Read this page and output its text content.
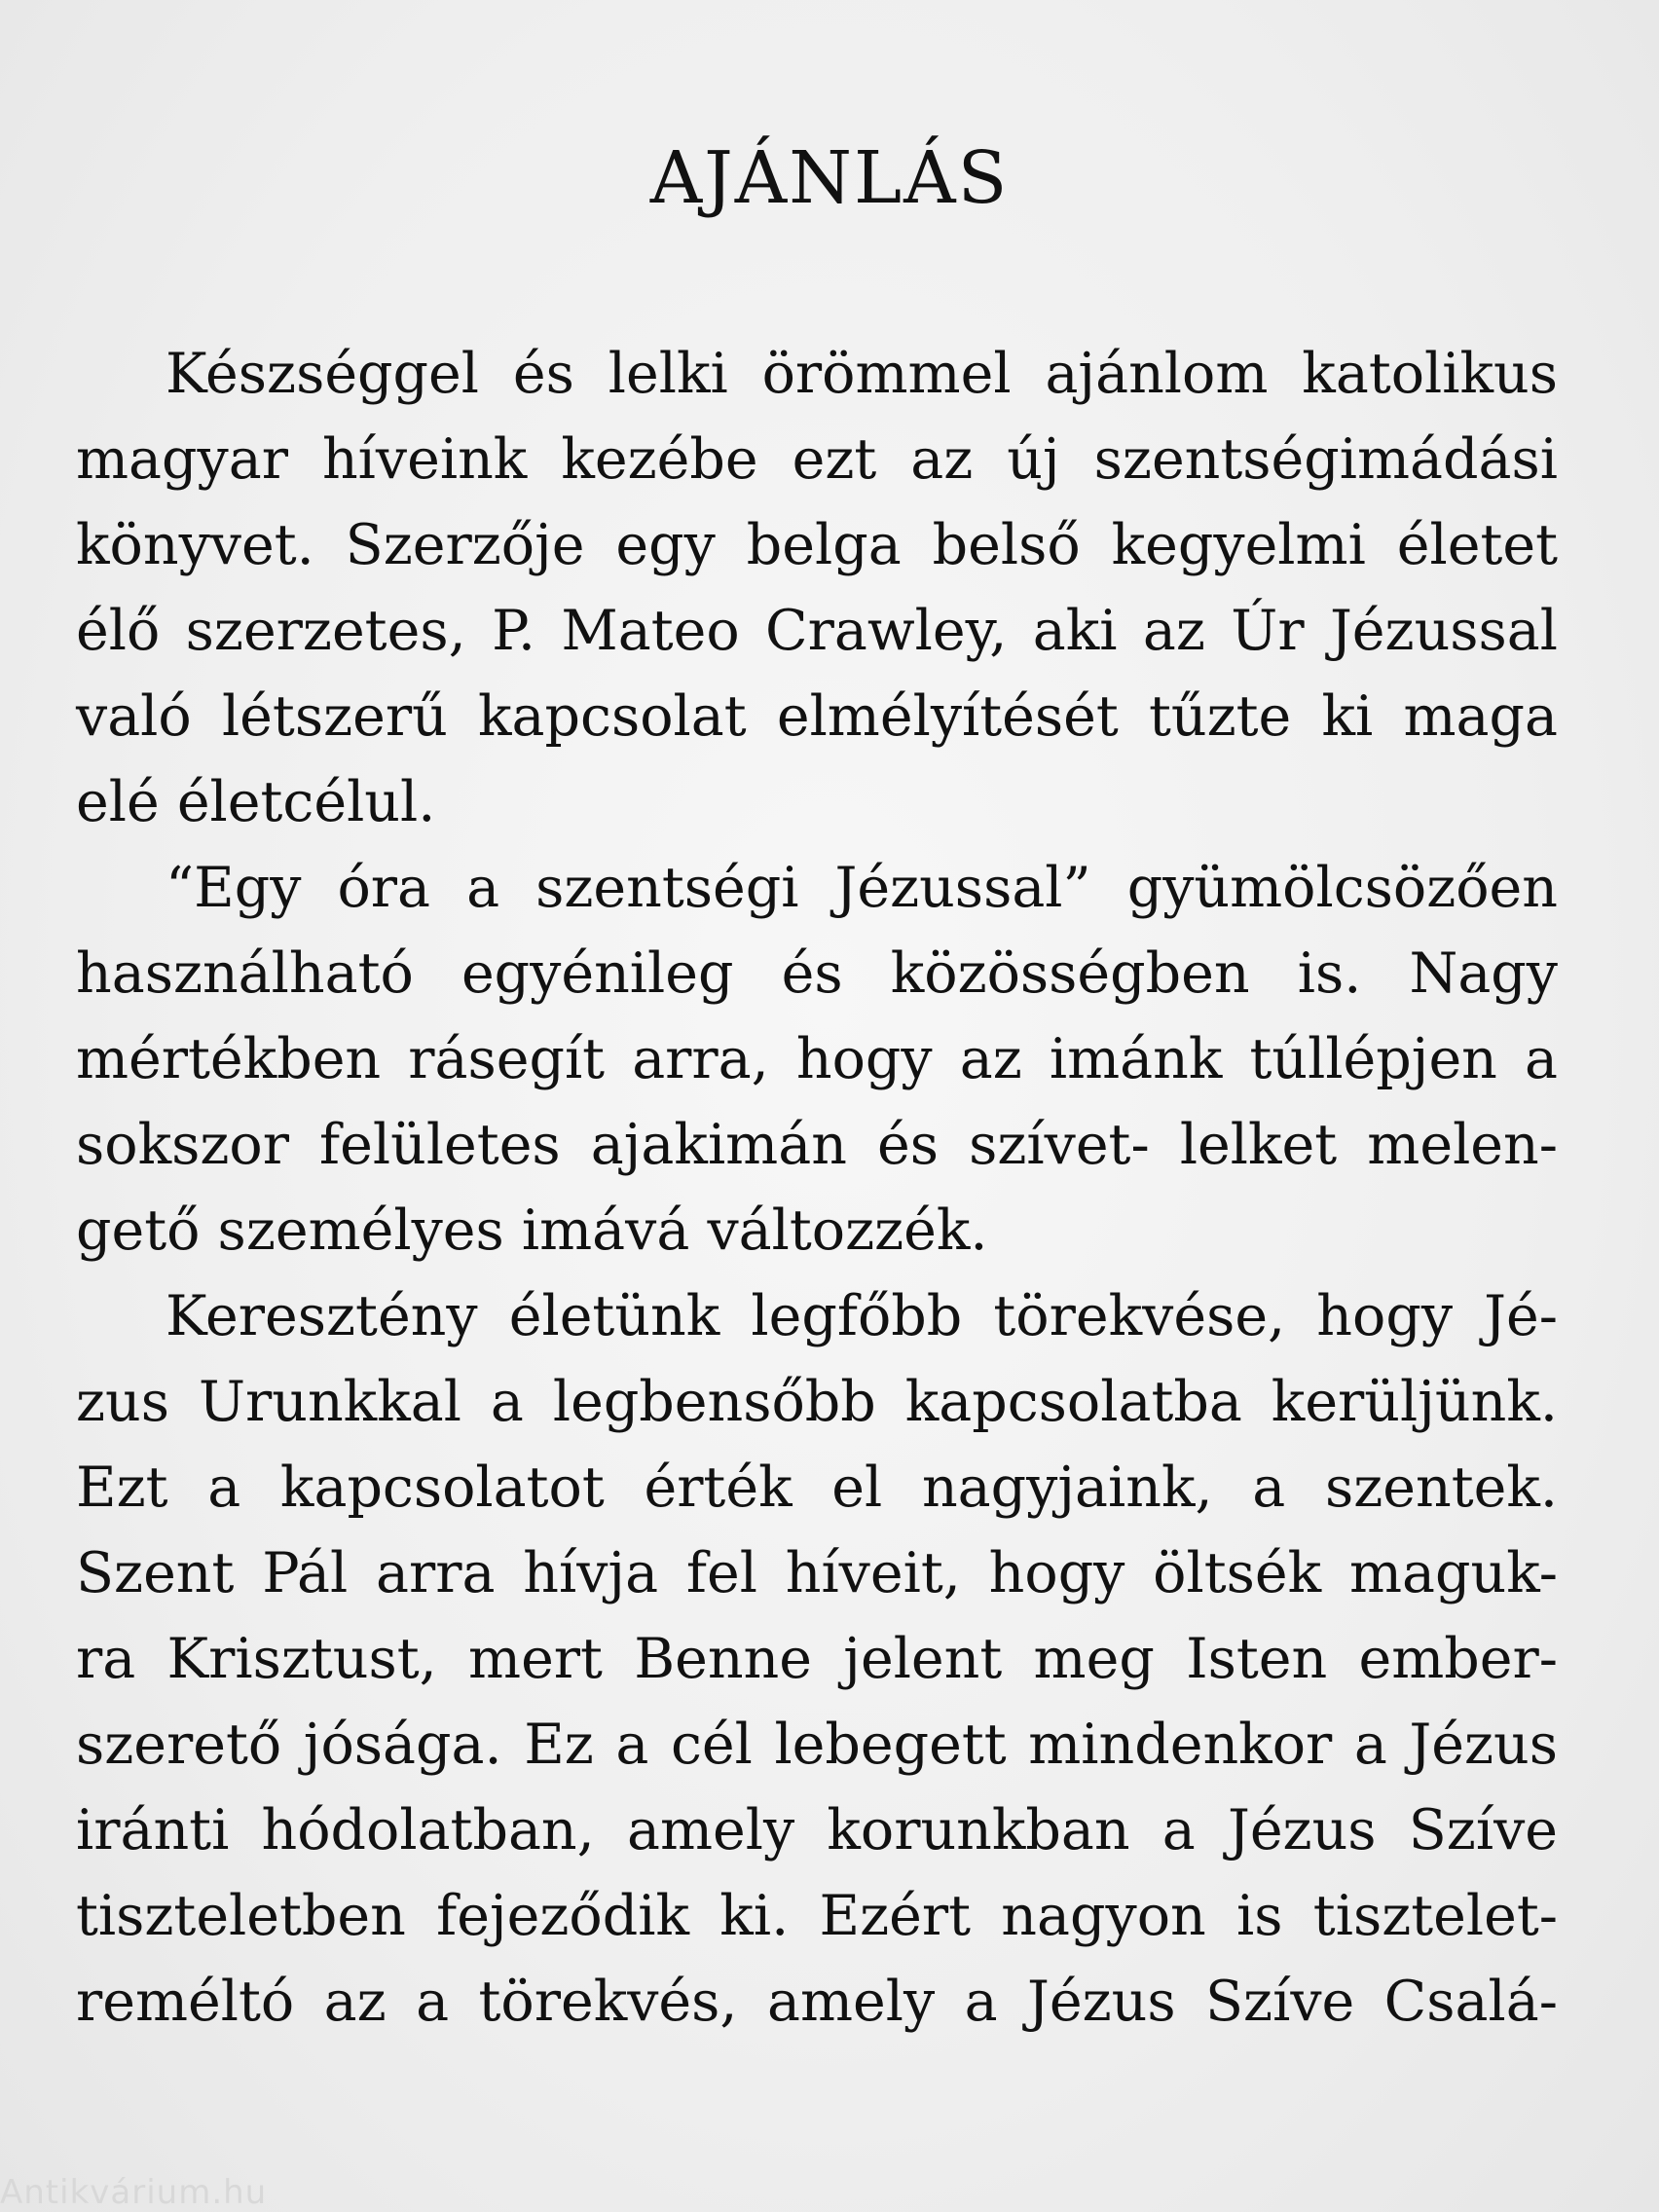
AJÁNLÁS
Készséggel és lelki örömmel ajánlom katolikus
magyar híveink kezébe ezt az új szentségimádási
könyvet. Szerzője egy belga belső kegyelmi életet
élő szerzetes, P. Mateo Crawley, aki az Úr Jézussal
való létszerű kapcsolat elmélyítését tűzte ki maga
elé életcélul.
“Egy óra a szentségi Jézussal” gyümölcsözően
használható egyénileg és közösségben is. Nagy
mértékben rásegít arra, hogy az imánk túllépjen a
sokszor felületes ajakimán és szívet- lelket melen-
gető személyes imává változzék.
Keresztény életünk legfőbb törekvése, hogy Jé-
zus Urunkkal a legbensőbb kapcsolatba kerüljünk.
Ezt a kapcsolatot érték el nagyjaink, a szentek.
Szent Pál arra hívja fel híveit, hogy öltsék maguk-
ra Krisztust, mert Benne jelent meg Isten ember-
szerető jósága. Ez a cél lebegett mindenkor a Jézus
iránti hódolatban, amely korunkban a Jézus Szíve
tiszteletben fejeződik ki. Ezért nagyon is tisztelet-
reméltó az a törekvés, amely a Jézus Szíve Csalá-
Antikvárium.hu
